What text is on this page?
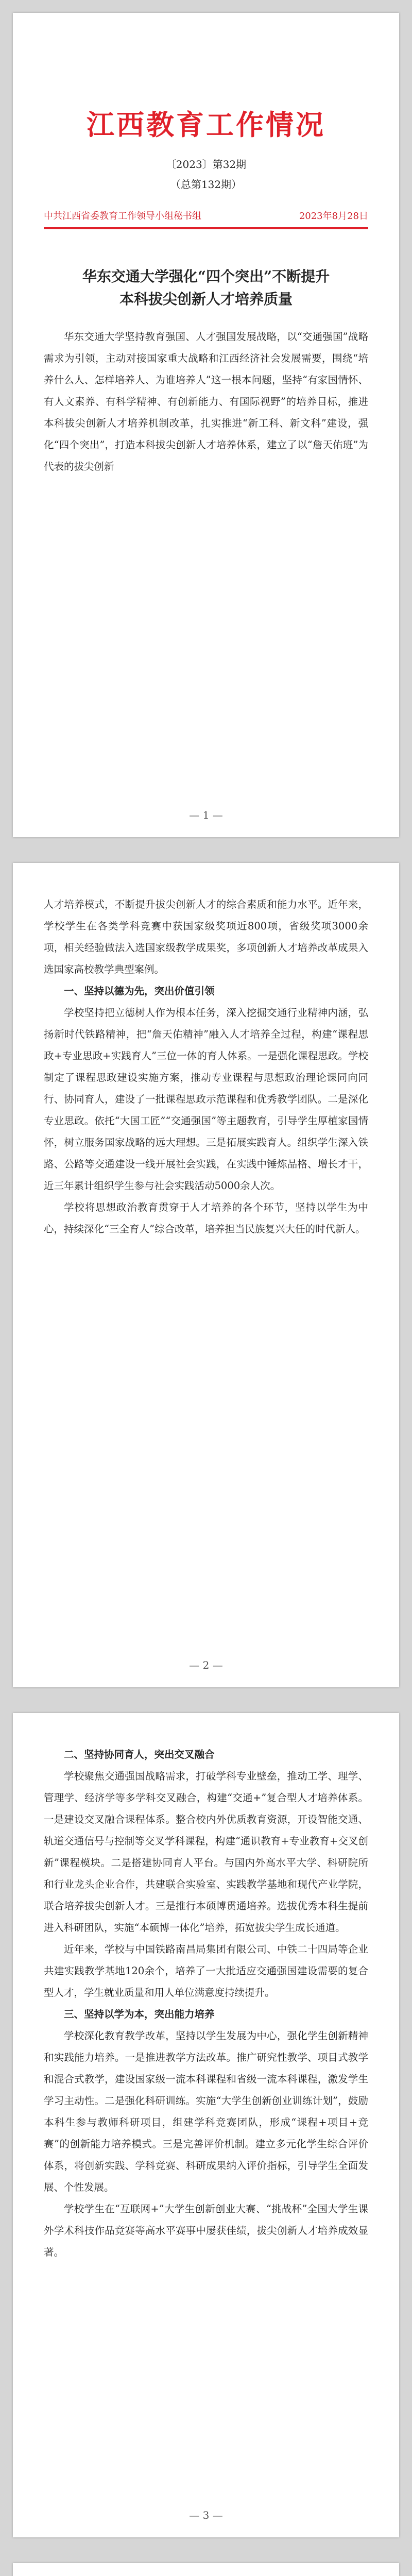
江西教育工作情况
〔2023〕第32期
（总第132期）
中共江西省委教育工作领导小组秘书组	2023年8月28日
华东交通大学强化“四个突出”不断提升
本科拔尖创新人才培养质量

华东交通大学坚持教育强国、人才强国发展战略，以“交通强国”战略需求为引领，主动对接国家重大战略和江西经济社会发展需要，围绕“培养什么人、怎样培养人、为谁培养人”这一根本问题，坚持“有家国情怀、有人文素养、有科学精神、有创新能力、有国际视野”的培养目标，推进本科拔尖创新人才培养机制改革，扎实推进“新工科、新文科”建设，强化“四个突出”，打造本科拔尖创新人才培养体系，建立了以“詹天佑班”为代表的拔尖创新

— 1 —

人才培养模式，不断提升拔尖创新人才的综合素质和能力水平。近年来，学校学生在各类学科竞赛中获国家级奖项近800项，省级奖项3000余项，相关经验做法入选国家级教学成果奖，多项创新人才培养改革成果入选国家高校教学典型案例。

一、坚持以德为先，突出价值引领

学校坚持把立德树人作为根本任务，深入挖掘交通行业精神内涵，弘扬新时代铁路精神，把“詹天佑精神”融入人才培养全过程，构建“课程思政+专业思政+实践育人”三位一体的育人体系。一是强化课程思政。学校制定了课程思政建设实施方案，推动专业课程与思想政治理论课同向同行、协同育人，建设了一批课程思政示范课程和优秀教学团队。二是深化专业思政。依托“大国工匠”“交通强国”等主题教育，引导学生厚植家国情怀，树立服务国家战略的远大理想。三是拓展实践育人。组织学生深入铁路、公路等交通建设一线开展社会实践，在实践中锤炼品格、增长才干，近三年累计组织学生参与社会实践活动5000余人次。

学校将思想政治教育贯穿于人才培养的各个环节，坚持以学生为中心，持续深化“三全育人”综合改革，培养担当民族复兴大任的时代新人。

— 2 —

二、坚持协同育人，突出交叉融合

学校聚焦交通强国战略需求，打破学科专业壁垒，推动工学、理学、管理学、经济学等多学科交叉融合，构建“交通+”复合型人才培养体系。一是建设交叉融合课程体系。整合校内外优质教育资源，开设智能交通、轨道交通信号与控制等交叉学科课程，构建“通识教育+专业教育+交叉创新”课程模块。二是搭建协同育人平台。与国内外高水平大学、科研院所和行业龙头企业合作，共建联合实验室、实践教学基地和现代产业学院，联合培养拔尖创新人才。三是推行本硕博贯通培养。选拔优秀本科生提前进入科研团队，实施“本硕博一体化”培养，拓宽拔尖学生成长通道。

近年来，学校与中国铁路南昌局集团有限公司、中铁二十四局等企业共建实践教学基地120余个，培养了一大批适应交通强国建设需要的复合型人才，学生就业质量和用人单位满意度持续提升。

三、坚持以学为本，突出能力培养

学校深化教育教学改革，坚持以学生发展为中心，强化学生创新精神和实践能力培养。一是推进教学方法改革。推广研究性教学、项目式教学和混合式教学，建设国家级一流本科课程和省级一流本科课程，激发学生学习主动性。二是强化科研训练。实施“大学生创新创业训练计划”，鼓励本科生参与教师科研项目，组建学科竞赛团队，形成“课程+项目+竞赛”的创新能力培养模式。三是完善评价机制。建立多元化学生综合评价体系，将创新实践、学科竞赛、科研成果纳入评价指标，引导学生全面发展、个性发展。

学校学生在“互联网+”大学生创新创业大赛、“挑战杯”全国大学生课外学术科技作品竞赛等高水平赛事中屡获佳绩，拔尖创新人才培养成效显著。

— 3 —
